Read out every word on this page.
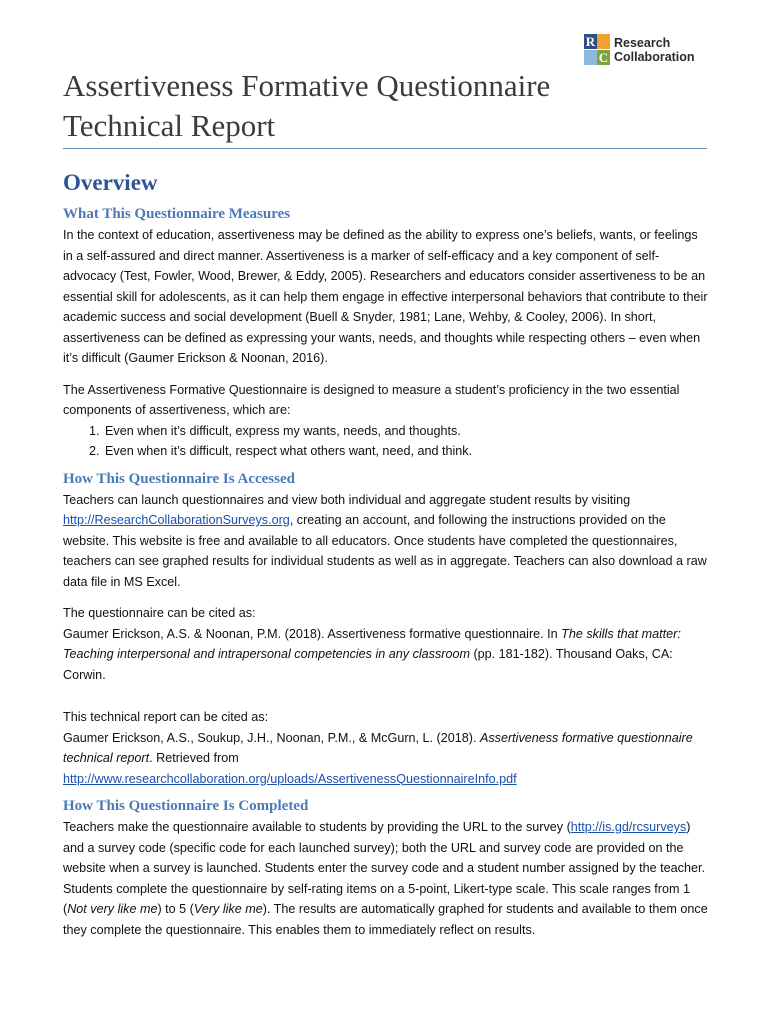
R
C
Research
Collaboration
Assertiveness Formative Questionnaire
Technical Report
Overview
What This Questionnaire Measures

In the context of education, assertiveness may be defined as the ability to express one’s beliefs, wants, or feelings in a self-assured and direct manner. Assertiveness is a marker of self-efficacy and a key component of self-advocacy (Test, Fowler, Wood, Brewer, & Eddy, 2005). Researchers and educators consider assertiveness to be an essential skill for adolescents, as it can help them engage in effective interpersonal behaviors that contribute to their academic success and social development (Buell & Snyder, 1981; Lane, Wehby, & Cooley, 2006). In short, assertiveness can be defined as expressing your wants, needs, and thoughts while respecting others – even when it’s difficult (Gaumer Erickson & Noonan, 2016).

The Assertiveness Formative Questionnaire is designed to measure a student’s proficiency in the two essential components of assertiveness, which are:

1. Even when it’s difficult, express my wants, needs, and thoughts.
2. Even when it’s difficult, respect what others want, need, and think.
How This Questionnaire Is Accessed

Teachers can launch questionnaires and view both individual and aggregate student results by visiting http://ResearchCollaborationSurveys.org, creating an account, and following the instructions provided on the website. This website is free and available to all educators. Once students have completed the questionnaires, teachers can see graphed results for individual students as well as in aggregate. Teachers can also download a raw data file in MS Excel.

The questionnaire can be cited as:
Gaumer Erickson, A.S. & Noonan, P.M. (2018). Assertiveness formative questionnaire. In The skills that matter: Teaching interpersonal and intrapersonal competencies in any classroom (pp. 181-182). Thousand Oaks, CA: Corwin.

This technical report can be cited as:
Gaumer Erickson, A.S., Soukup, J.H., Noonan, P.M., & McGurn, L. (2018). Assertiveness formative questionnaire technical report. Retrieved from
http://www.researchcollaboration.org/uploads/AssertivenessQuestionnaireInfo.pdf

How This Questionnaire Is Completed

Teachers make the questionnaire available to students by providing the URL to the survey (http://is.gd/rcsurveys) and a survey code (specific code for each launched survey); both the URL and survey code are provided on the website when a survey is launched. Students enter the survey code and a student number assigned by the teacher. Students complete the questionnaire by self-rating items on a 5-point, Likert-type scale. This scale ranges from 1 (Not very like me) to 5 (Very like me). The results are automatically graphed for students and available to them once they complete the questionnaire. This enables them to immediately reflect on results.
